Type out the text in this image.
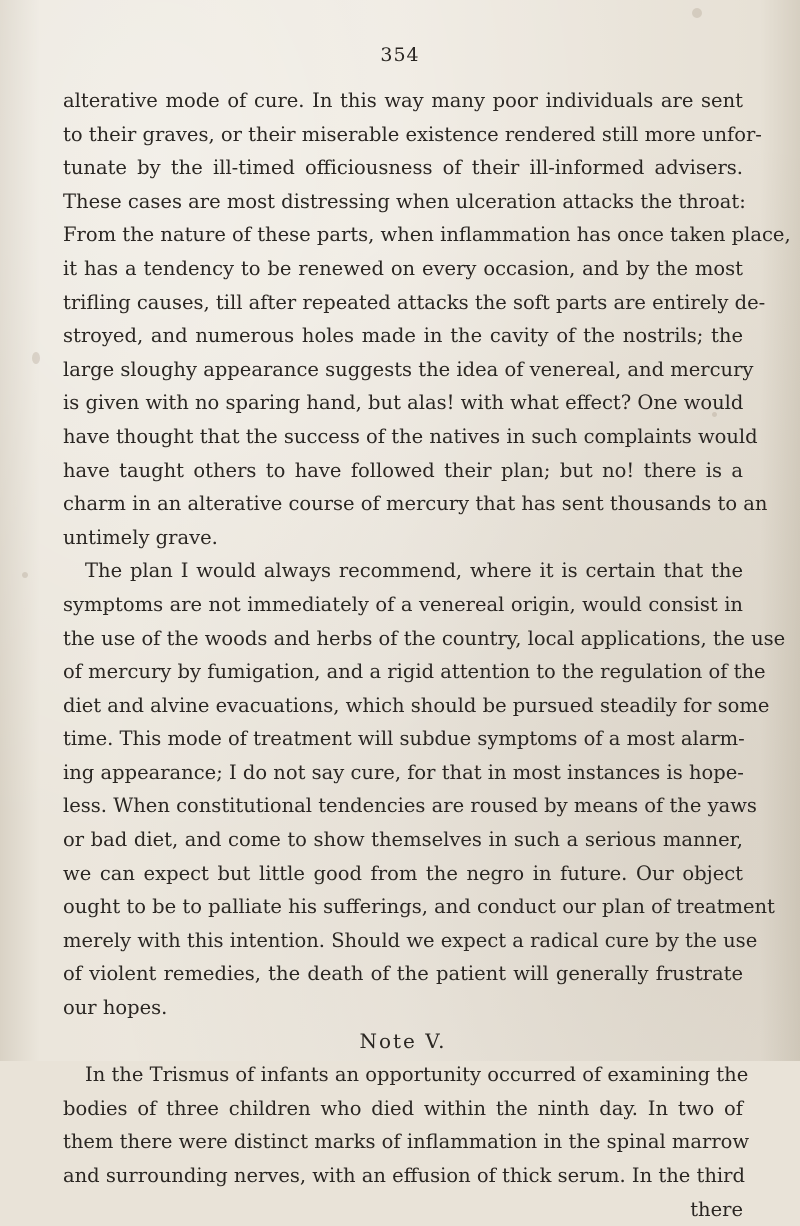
354
alterative mode of cure. In this way many poor individuals are sent
to their graves, or their miserable existence rendered still more unfor-
tunate by the ill-timed officiousness of their ill-informed advisers.
These cases are most distressing when ulceration attacks the throat:
From the nature of these parts, when inflammation has once taken place,
it has a tendency to be renewed on every occasion, and by the most
trifling causes, till after repeated attacks the soft parts are entirely de-
stroyed, and numerous holes made in the cavity of the nostrils; the
large sloughy appearance suggests the idea of venereal, and mercury
is given with no sparing hand, but alas! with what effect? One would
have thought that the success of the natives in such complaints would
have taught others to have followed their plan; but no! there is a
charm in an alterative course of mercury that has sent thousands to an
untimely grave.
The plan I would always recommend, where it is certain that the
symptoms are not immediately of a venereal origin, would consist in
the use of the woods and herbs of the country, local applications, the use
of mercury by fumigation, and a rigid attention to the regulation of the
diet and alvine evacuations, which should be pursued steadily for some
time. This mode of treatment will subdue symptoms of a most alarm-
ing appearance; I do not say cure, for that in most instances is hope-
less. When constitutional tendencies are roused by means of the yaws
or bad diet, and come to show themselves in such a serious manner,
we can expect but little good from the negro in future. Our object
ought to be to palliate his sufferings, and conduct our plan of treatment
merely with this intention. Should we expect a radical cure by the use
of violent remedies, the death of the patient will generally frustrate
our hopes.
Note V.
In the Trismus of infants an opportunity occurred of examining the
bodies of three children who died within the ninth day. In two of
them there were distinct marks of inflammation in the spinal marrow
and surrounding nerves, with an effusion of thick serum. In the third
there
